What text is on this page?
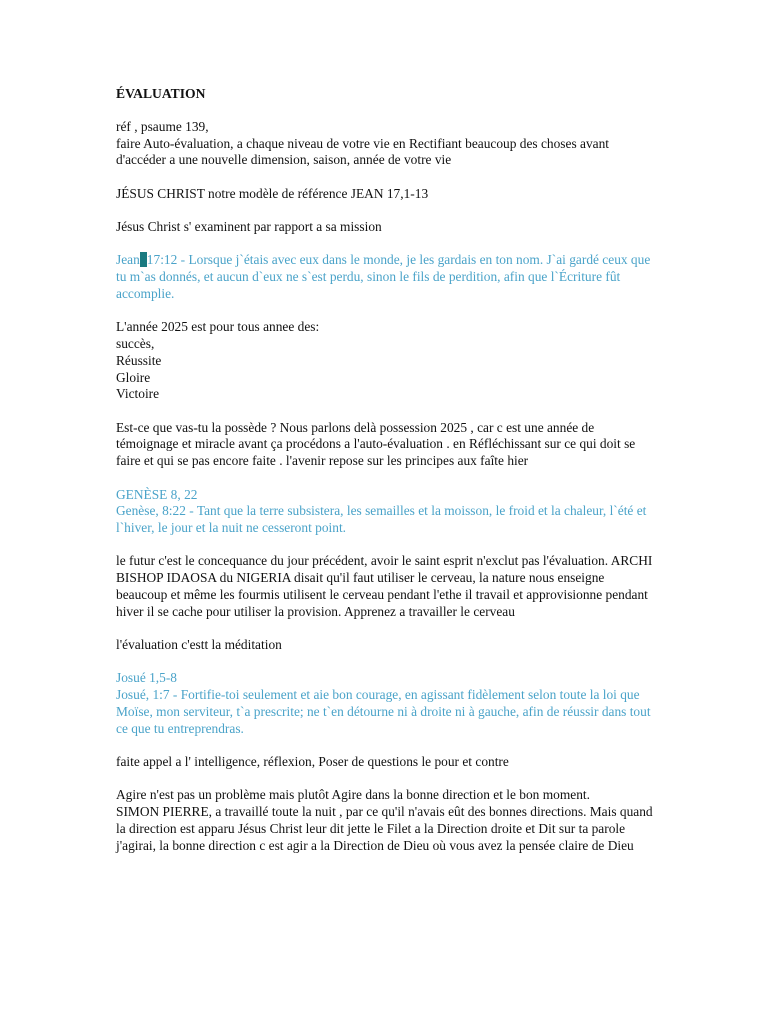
ÉVALUATION
réf , psaume 139,
faire Auto-évaluation, a chaque niveau de votre vie en Rectifiant beaucoup des choses avant d'accéder a une nouvelle dimension, saison, année de votre vie
JÉSUS CHRIST notre modèle de référence JEAN 17,1-13
Jésus Christ s' examinent par rapport a sa mission
Jean 17:12 - Lorsque j`étais avec eux dans le monde, je les gardais en ton nom. J`ai gardé ceux que tu m`as donnés, et aucun d`eux ne s`est perdu, sinon le fils de perdition, afin que l`Écriture fût accomplie.
L'année 2025 est pour tous annee des:
succès,
Réussite
Gloire
Victoire
Est-ce que vas-tu la possède ? Nous parlons delà possession 2025 , car c est une année de témoignage et miracle avant ça procédons a l'auto-évaluation . en Réfléchissant sur ce qui doit se faire et qui se pas encore faite . l'avenir repose sur les principes aux faîte hier
GENÈSE 8, 22
Genèse, 8:22 - Tant que la terre subsistera, les semailles et la moisson, le froid et la chaleur, l`été et l`hiver, le jour et la nuit ne cesseront point.
le futur c'est le concequance du jour précédent, avoir le saint esprit n'exclut pas l'évaluation. ARCHI BISHOP IDAOSA du NIGERIA disait qu'il faut utiliser le cerveau, la nature nous enseigne beaucoup et même les fourmis utilisent le cerveau pendant l'ethe il travail et approvisionne pendant hiver il se cache pour utiliser la provision. Apprenez a travailler le cerveau
l'évaluation c'estt la méditation
Josué 1,5-8
Josué, 1:7 - Fortifie-toi seulement et aie bon courage, en agissant fidèlement selon toute la loi que Moïse, mon serviteur, t`a prescrite; ne t`en détourne ni à droite ni à gauche, afin de réussir dans tout ce que tu entreprendras.
faite appel a l' intelligence, réflexion, Poser de questions le pour et contre
Agire n'est pas un problème mais plutôt Agire dans la bonne direction et le bon moment.
SIMON PIERRE, a travaillé toute la nuit , par ce qu'il n'avais eût des bonnes directions. Mais quand la direction est apparu Jésus Christ leur dit jette le Filet a la Direction droite et Dit sur ta parole j'agirai, la bonne direction c est agir a la Direction de Dieu où vous avez la pensée claire de Dieu
